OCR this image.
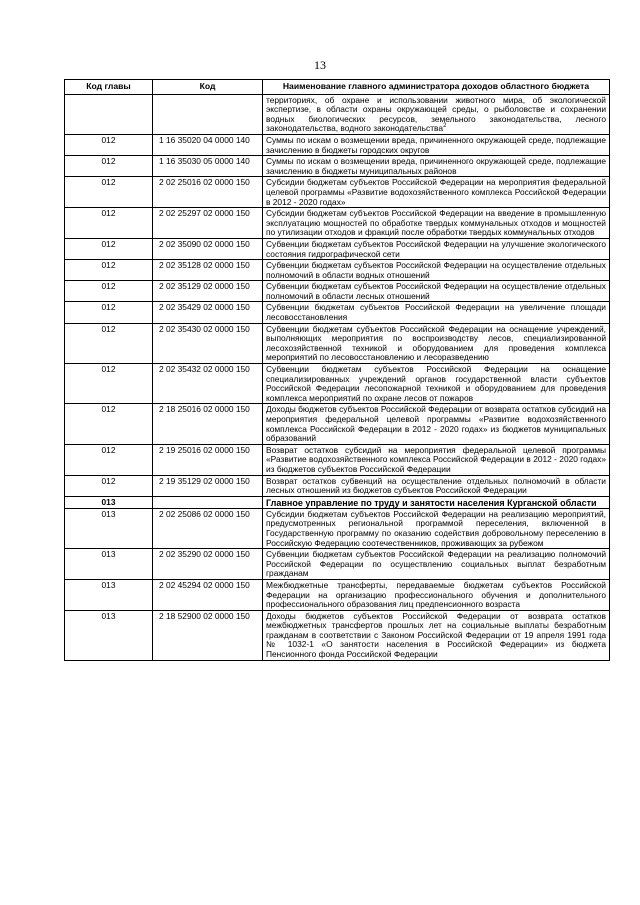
13
Код главы	Код	Наименование главного администратора доходов областного бюджета
		территориях, об охране и использовании животного мира, об экологической экспертизе, в области охраны окружающей среды, о рыболовстве и сохранении водных биологических ресурсов, земельного законодательства, лесного законодательства, водного законодательства$^2$
012	1 16 35020 04 0000 140	Суммы по искам о возмещении вреда, причиненного окружающей среде, подлежащие зачислению в бюджеты городских округов
012	1 16 35030 05 0000 140	Суммы по искам о возмещении вреда, причиненного окружающей среде, подлежащие зачислению в бюджеты муниципальных районов
012	2 02 25016 02 0000 150	Субсидии бюджетам субъектов Российской Федерации на мероприятия федеральной целевой программы «Развитие водохозяйственного комплекса Российской Федерации в 2012 - 2020 годах»
012	2 02 25297 02 0000 150	Субсидии бюджетам субъектов Российской Федерации на введение в промышленную эксплуатацию мощностей по обработке твердых коммунальных отходов и мощностей по утилизации отходов и фракций после обработки твердых коммунальных отходов
012	2 02 35090 02 0000 150	Субвенции бюджетам субъектов Российской Федерации на улучшение экологического состояния гидрографической сети
012	2 02 35128 02 0000 150	Субвенции бюджетам субъектов Российской Федерации на осуществление отдельных полномочий в области водных отношений
012	2 02 35129 02 0000 150	Субвенции бюджетам субъектов Российской Федерации на осуществление отдельных полномочий в области лесных отношений
012	2 02 35429 02 0000 150	Субвенции бюджетам субъектов Российской Федерации на увеличение площади лесовосстановления
012	2 02 35430 02 0000 150	Субвенции бюджетам субъектов Российской Федерации на оснащение учреждений, выполняющих мероприятия по воспроизводству лесов, специализированной лесохозяйственной техникой и оборудованием для проведения комплекса мероприятий по лесовосстановлению и лесоразведению
012	2 02 35432 02 0000 150	Субвенции бюджетам субъектов Российской Федерации на оснащение специализированных учреждений органов государственной власти субъектов Российской Федерации лесопожарной техникой и оборудованием для проведения комплекса мероприятий по охране лесов от пожаров
012	2 18 25016 02 0000 150	Доходы бюджетов субъектов Российской Федерации от возврата остатков субсидий на мероприятия федеральной целевой программы «Развитие водохозяйственного комплекса Российской Федерации в 2012 - 2020 годах» из бюджетов муниципальных образований
012	2 19 25016 02 0000 150	Возврат остатков субсидий на мероприятия федеральной целевой программы «Развитие водохозяйственного комплекса Российской Федерации в 2012 - 2020 годах» из бюджетов субъектов Российской Федерации
012	2 19 35129 02 0000 150	Возврат остатков субвенций на осуществление отдельных полномочий в области лесных отношений из бюджетов субъектов Российской Федерации
013		Главное управление по труду и занятости населения Курганской области
013	2 02 25086 02 0000 150	Субсидии бюджетам субъектов Российской Федерации на реализацию мероприятий, предусмотренных региональной программой переселения, включенной в Государственную программу по оказанию содействия добровольному переселению в Российскую Федерацию соотечественников, проживающих за рубежом
013	2 02 35290 02 0000 150	Субвенции бюджетам субъектов Российской Федерации на реализацию полномочий Российской Федерации по осуществлению социальных выплат безработным гражданам
013	2 02 45294 02 0000 150	Межбюджетные трансферты, передаваемые бюджетам субъектов Российской Федерации на организацию профессионального обучения и дополнительного профессионального образования лиц предпенсионного возраста
013	2 18 52900 02 0000 150	Доходы бюджетов субъектов Российской Федерации от возврата остатков межбюджетных трансфертов прошлых лет на социальные выплаты безработным гражданам в соответствии с Законом Российской Федерации от 19 апреля 1991 года № 1032-1 «О занятости населения в Российской Федерации» из бюджета Пенсионного фонда Российской Федерации
